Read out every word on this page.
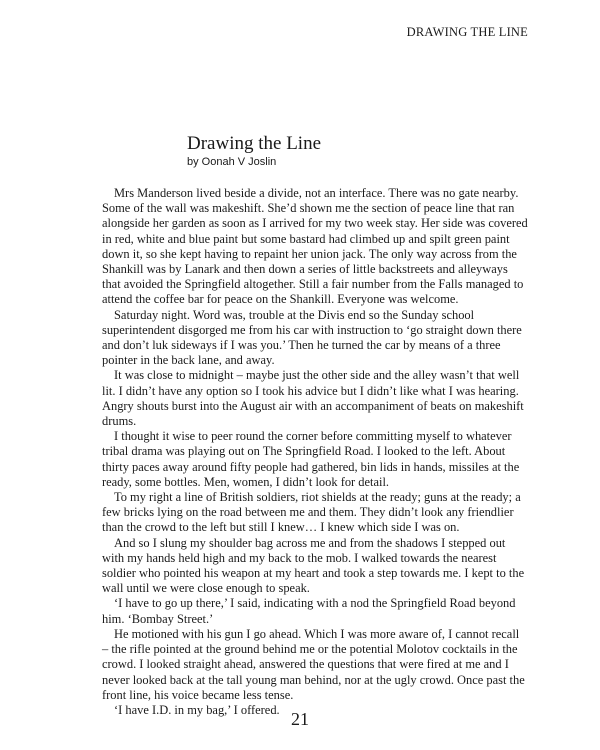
DRAWING THE LINE
Drawing the Line
by Oonah V Joslin

Mrs Manderson lived beside a divide, not an interface. There was no gate nearby. Some of the wall was makeshift. She’d shown me the section of peace line that ran alongside her garden as soon as I arrived for my two week stay. Her side was covered in red, white and blue paint but some bastard had climbed up and spilt green paint down it, so she kept having to repaint her union jack. The only way across from the Shankill was by Lanark and then down a series of little backstreets and alleyways that avoided the Springfield altogether. Still a fair number from the Falls managed to attend the coffee bar for peace on the Shankill. Everyone was welcome.

Saturday night. Word was, trouble at the Divis end so the Sunday school superintendent disgorged me from his car with instruction to ‘go straight down there and don’t luk sideways if I was you.’ Then he turned the car by means of a three pointer in the back lane, and away.

It was close to midnight – maybe just the other side and the alley wasn’t that well lit. I didn’t have any option so I took his advice but I didn’t like what I was hearing. Angry shouts burst into the August air with an accompaniment of beats on makeshift drums.

I thought it wise to peer round the corner before committing myself to whatever tribal drama was playing out on The Springfield Road. I looked to the left. About thirty paces away around fifty people had gathered, bin lids in hands, missiles at the ready, some bottles. Men, women, I didn’t look for detail.

To my right a line of British soldiers, riot shields at the ready; guns at the ready; a few bricks lying on the road between me and them. They didn’t look any friendlier than the crowd to the left but still I knew… I knew which side I was on.

And so I slung my shoulder bag across me and from the shadows I stepped out with my hands held high and my back to the mob. I walked towards the nearest soldier who pointed his weapon at my heart and took a step towards me. I kept to the wall until we were close enough to speak.

‘I have to go up there,’ I said, indicating with a nod the Springfield Road beyond him. ‘Bombay Street.’

He motioned with his gun I go ahead. Which I was more aware of, I cannot recall – the rifle pointed at the ground behind me or the potential Molotov cocktails in the crowd. I looked straight ahead, answered the questions that were fired at me and I never looked back at the tall young man behind, nor at the ugly crowd. Once past the front line, his voice became less tense.

‘I have I.D. in my bag,’ I offered. 21
